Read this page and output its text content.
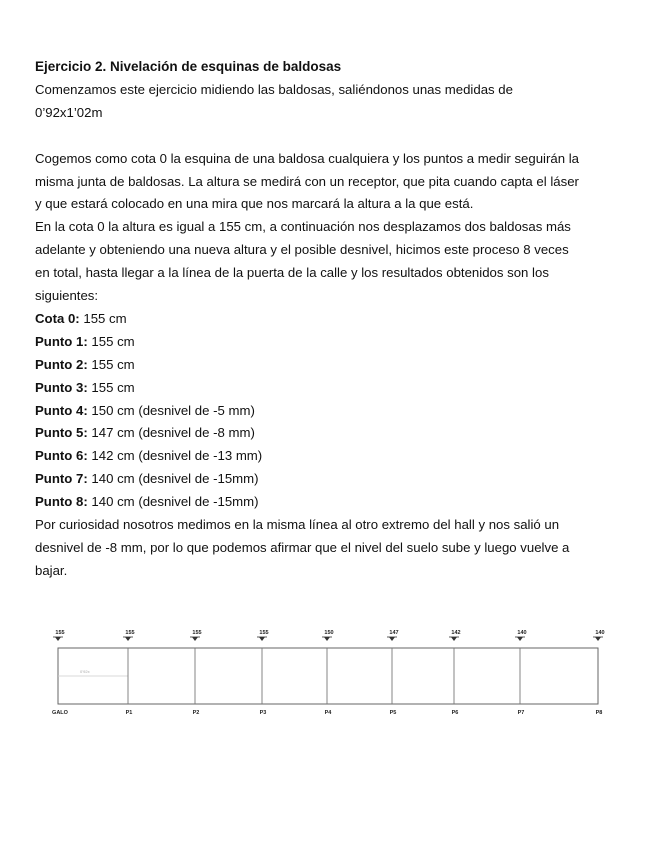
Ejercicio 2. Nivelación de esquinas de baldosas

Comenzamos este ejercicio midiendo las baldosas, saliéndonos unas medidas de

0’92x1’02m

Cogemos como cota 0 la esquina de una baldosa cualquiera y los puntos a medir seguirán la

misma junta de baldosas. La altura se medirá con un receptor, que pita cuando capta el láser

y que estará colocado en una mira que nos marcará la altura a la que está.

En la cota 0 la altura es igual a 155 cm, a continuación nos desplazamos dos baldosas más

adelante y obteniendo una nueva altura y el posible desnivel, hicimos este proceso 8 veces

en total, hasta llegar a la línea de la puerta de la calle y los resultados obtenidos son los

siguientes:

Cota 0: 155 cm

Punto 1: 155 cm

Punto 2: 155 cm

Punto 3: 155 cm

Punto 4: 150 cm (desnivel de -5 mm)

Punto 5: 147 cm (desnivel de -8 mm)

Punto 6: 142 cm (desnivel de -13 mm)

Punto 7: 140 cm (desnivel de -15mm)

Punto 8: 140 cm (desnivel de -15mm)

Por curiosidad nosotros medimos en la misma línea al otro extremo del hall y nos salió un

desnivel de -8 mm, por lo que podemos afirmar que el nivel del suelo sube y luego vuelve a

bajar.

0’92x
155
GALO
155
P1
155
P2
155
P3
150
P4
147
P5
142
P6
140
P7
140
P8
